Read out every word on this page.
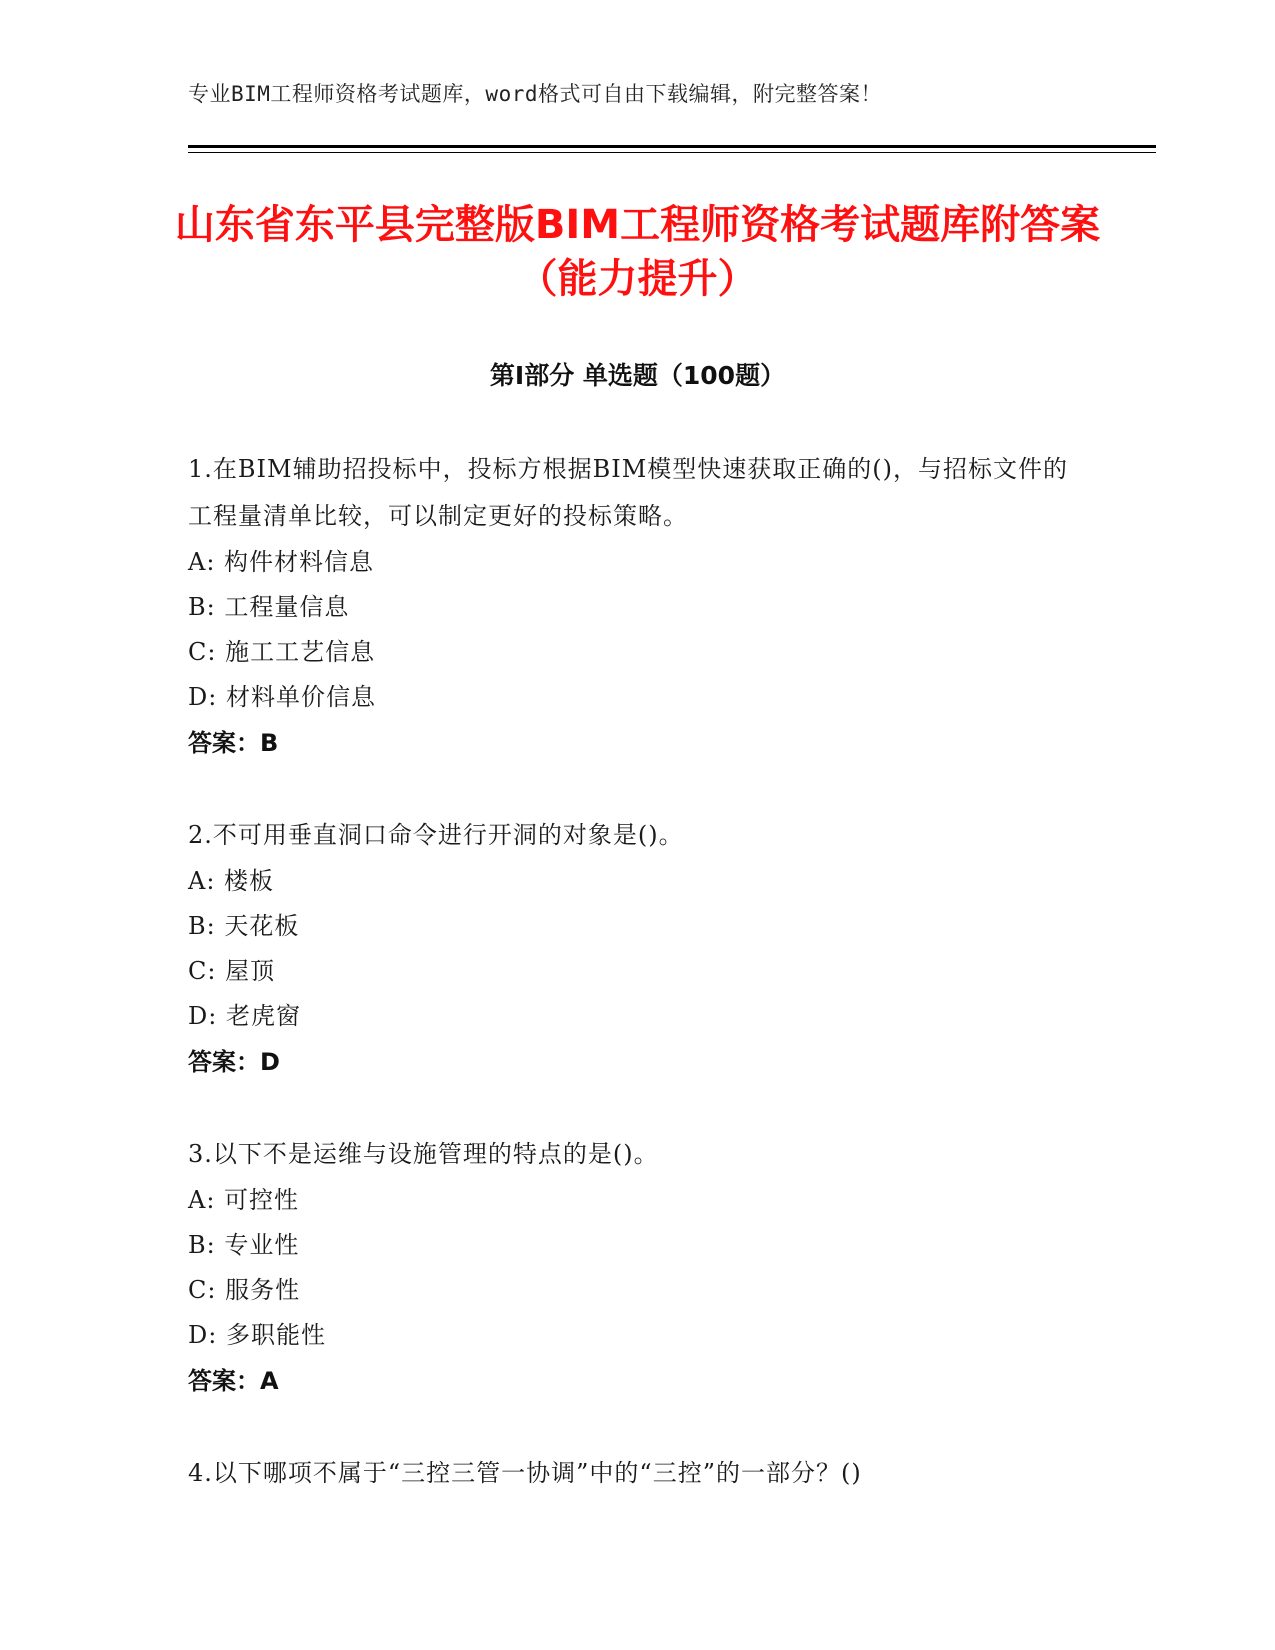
专业BIM工程师资格考试题库，word格式可自由下载编辑，附完整答案！
山东省东平县完整版BIM工程师资格考试题库附答案（能力提升）
第Ⅰ部分 单选题（100题）
1.在BIM辅助招投标中，投标方根据BIM模型快速获取正确的()，与招标文件的工程量清单比较，可以制定更好的投标策略。
A: 构件材料信息
B: 工程量信息
C: 施工工艺信息
D: 材料单价信息
答案：B
2.不可用垂直洞口命令进行开洞的对象是()。
A: 楼板
B: 天花板
C: 屋顶
D: 老虎窗
答案：D
3.以下不是运维与设施管理的特点的是()。
A: 可控性
B: 专业性
C: 服务性
D: 多职能性
答案：A
4.以下哪项不属于“三控三管一协调”中的“三控”的一部分？()
